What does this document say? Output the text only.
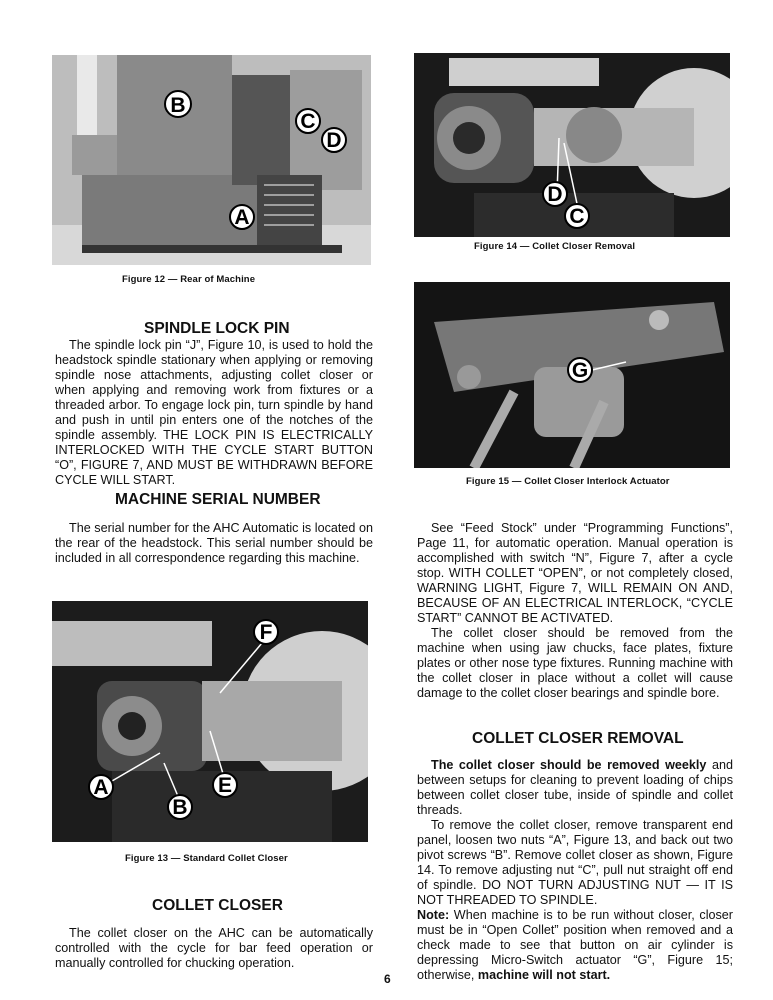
B
C
D
A
Figure 12 — Rear of Machine
D
C
Figure 14 — Collet Closer Removal
G
Figure 15 — Collet Closer Interlock Actuator
SPINDLE LOCK PIN

The spindle lock pin “J”, Figure 10, is used to hold the headstock spindle stationary when applying or removing spindle nose attachments, adjusting collet closer or when applying and removing work from fixtures or a threaded arbor. To engage lock pin, turn spindle by hand and push in until pin enters one of the notches of the spindle assembly. THE LOCK PIN IS ELECTRICALLY INTERLOCKED WITH THE CYCLE START BUTTON “O”, FIGURE 7, AND MUST BE WITHDRAWN BEFORE CYCLE WILL START.

MACHINE SERIAL NUMBER

The serial number for the AHC Automatic is located on the rear of the headstock. This serial number should be included in all correspondence regarding this machine.

F
A	E
B
Figure 13 — Standard Collet Closer
COLLET CLOSER

The collet closer on the AHC can be automatically controlled with the cycle for bar feed operation or manually controlled for chucking operation.

See “Feed Stock” under “Programming Functions”, Page 11, for automatic operation. Manual operation is accomplished with switch “N”, Figure 7, after a cycle stop. WITH COLLET “OPEN”, or not completely closed, WARNING LIGHT, Figure 7, WILL REMAIN ON AND, BECAUSE OF AN ELECTRICAL INTERLOCK, “CYCLE START” CANNOT BE ACTIVATED.

The collet closer should be removed from the machine when using jaw chucks, face plates, fixture plates or other nose type fixtures. Running machine with the collet closer in place without a collet will cause damage to the collet closer bearings and spindle bore.

COLLET CLOSER REMOVAL

The collet closer should be removed weekly and between setups for cleaning to prevent loading of chips between collet closer tube, inside of spindle and collet threads.

To remove the collet closer, remove transparent end panel, loosen two nuts “A”, Figure 13, and back out two pivot screws “B”. Remove collet closer as shown, Figure 14. To remove adjusting nut “C”, pull nut straight off end of spindle. DO NOT TURN ADJUSTING NUT — IT IS NOT THREADED TO SPINDLE.

Note: When machine is to be run without closer, closer must be in “Open Collet” position when removed and a check made to see that button on air cylinder is depressing Micro-Switch actuator “G”, Figure 15; otherwise, machine will not start.

6
